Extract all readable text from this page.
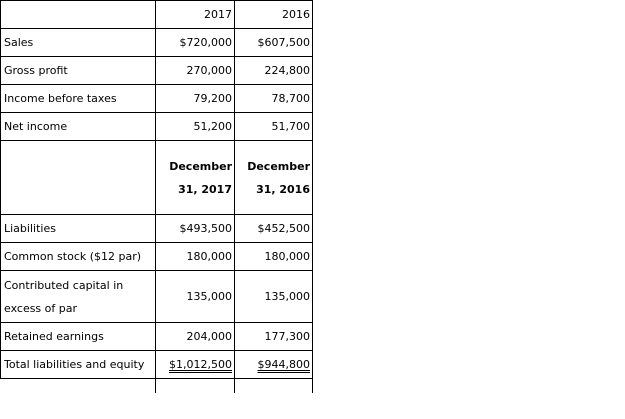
	2017	2016
Sales	$720,000	$607,500
Gross profit	270,000	224,800
Income before taxes	79,200	78,700
Net income	51,200	51,700
	December 31, 2017	December 31, 2016
Liabilities	$493,500	$452,500
Common stock ($12 par)	180,000	180,000
Contributed capital in excess of par	135,000	135,000
Retained earnings	204,000	177,300
Total liabilities and equity	$1,012,500	$944,800
